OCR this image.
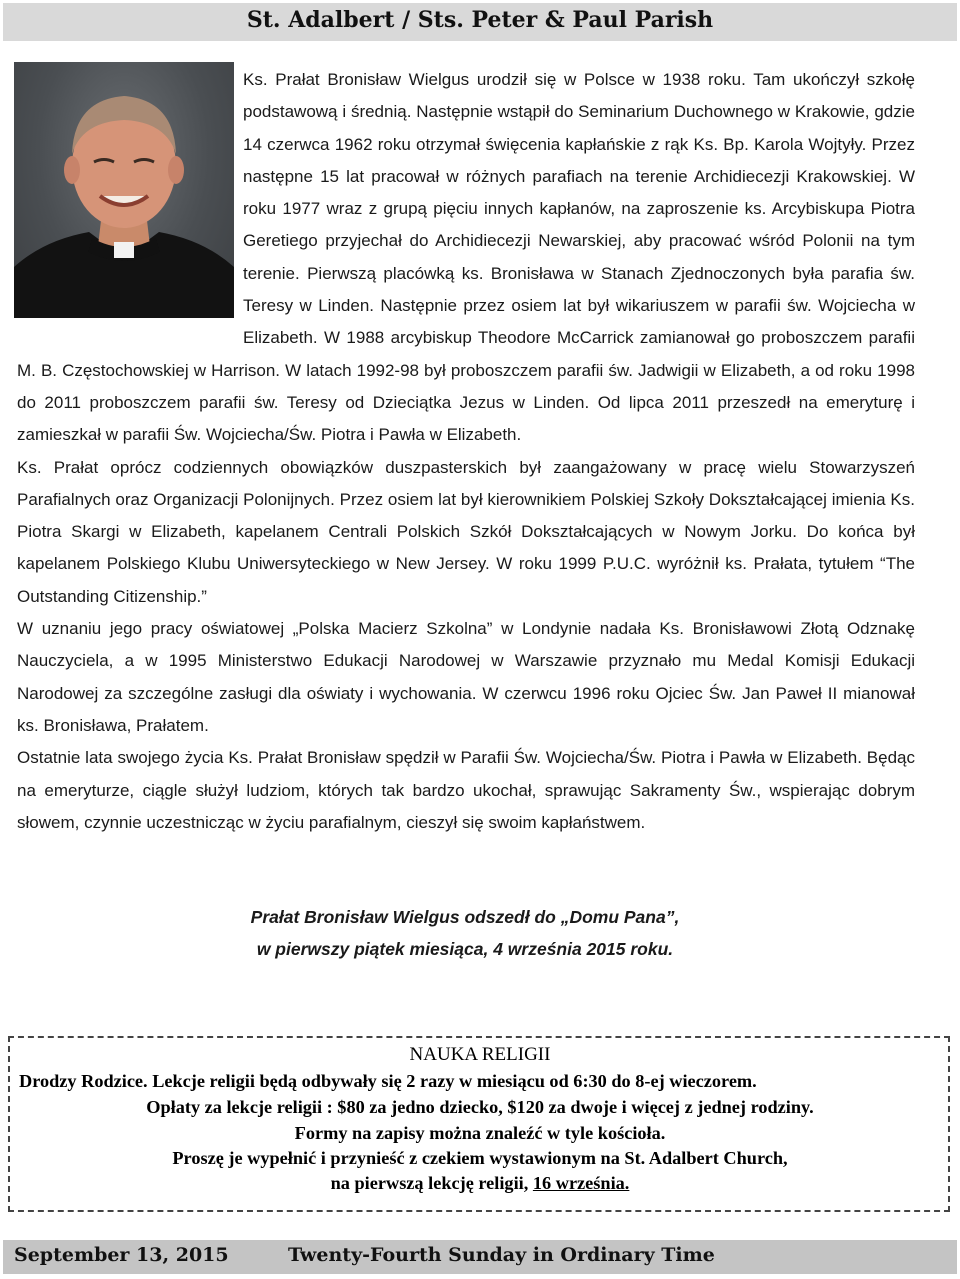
St. Adalbert / Sts. Peter & Paul Parish

Ks. Prałat Bronisław Wielgus urodził się w Polsce w 1938 roku. Tam ukończył szkołę podstawową i średnią. Następnie wstąpił do Seminarium Duchownego w Krakowie, gdzie 14 czerwca 1962 roku otrzymał święcenia kapłańskie z rąk Ks. Bp. Karola Wojtyły. Przez następne 15 lat pracował w różnych parafiach na terenie Archidiecezji Krakowskiej. W roku 1977 wraz z grupą pięciu innych kapłanów, na zaproszenie ks. Arcybiskupa Piotra Geretiego przyjechał do Archidiecezji Newarskiej, aby pracować wśród Polonii na tym terenie. Pierwszą placówką ks. Bronisława w Stanach Zjednoczonych była parafia św. Teresy w Linden. Następnie przez osiem lat był wikariuszem w parafii św. Wojciecha w Elizabeth. W 1988 arcybiskup Theodore McCarrick zamianował go proboszczem parafii M. B. Częstochowskiej w Harrison. W latach 1992-98 był proboszczem parafii św. Jadwigii w Elizabeth, a od roku 1998 do 2011 proboszczem parafii św. Teresy od Dzieciątka Jezus w Linden. Od lipca 2011 przeszedł na emeryturę i zamieszkał w parafii Św. Wojciecha/Św. Piotra i Pawła w Elizabeth.

Ks. Prałat oprócz codziennych obowiązków duszpasterskich był zaangażowany w pracę wielu Stowarzyszeń Parafialnych oraz Organizacji Polonijnych. Przez osiem lat był kierownikiem Polskiej Szkoły Dokształcającej imienia Ks. Piotra Skargi w Elizabeth, kapelanem Centrali Polskich Szkół Dokształcających w Nowym Jorku. Do końca był kapelanem Polskiego Klubu Uniwersyteckiego w New Jersey. W roku 1999 P.U.C. wyróżnił ks. Prałata, tytułem “The Outstanding Citizenship.”

W uznaniu jego pracy oświatowej „Polska Macierz Szkolna” w Londynie nadała Ks. Bronisławowi Złotą Odznakę Nauczyciela, a w 1995 Ministerstwo Edukacji Narodowej w Warszawie przyznało mu Medal Komisji Edukacji Narodowej za szczególne zasługi dla oświaty i wychowania. W czerwcu 1996 roku Ojciec Św. Jan Paweł II mianował ks. Bronisława, Prałatem.

Ostatnie lata swojego życia Ks. Prałat Bronisław spędził w Parafii Św. Wojciecha/Św. Piotra i Pawła w Elizabeth. Będąc na emeryturze, ciągle służył ludziom, których tak bardzo ukochał, sprawując Sakramenty Św., wspierając dobrym słowem, czynnie uczestnicząc w życiu parafialnym, cieszył się swoim kapłaństwem.

Prałat Bronisław Wielgus odszedł do „Domu Pana”,
w pierwszy piątek miesiąca, 4 września 2015 roku.
NAUKA RELIGII
Drodzy Rodzice. Lekcje religii będą odbywały się 2 razy w miesiącu od 6:30 do 8-ej wieczorem.
Opłaty za lekcje religii : $80 za jedno dziecko, $120 za dwoje i więcej z jednej rodziny.
Formy na zapisy można znaleźć w tyle kościoła.
Proszę je wypełnić i przynieść z czekiem wystawionym na St. Adalbert Church,
na pierwszą lekcję religii, 16 września.
September 13, 2015	Twenty-Fourth Sunday in Ordinary Time
